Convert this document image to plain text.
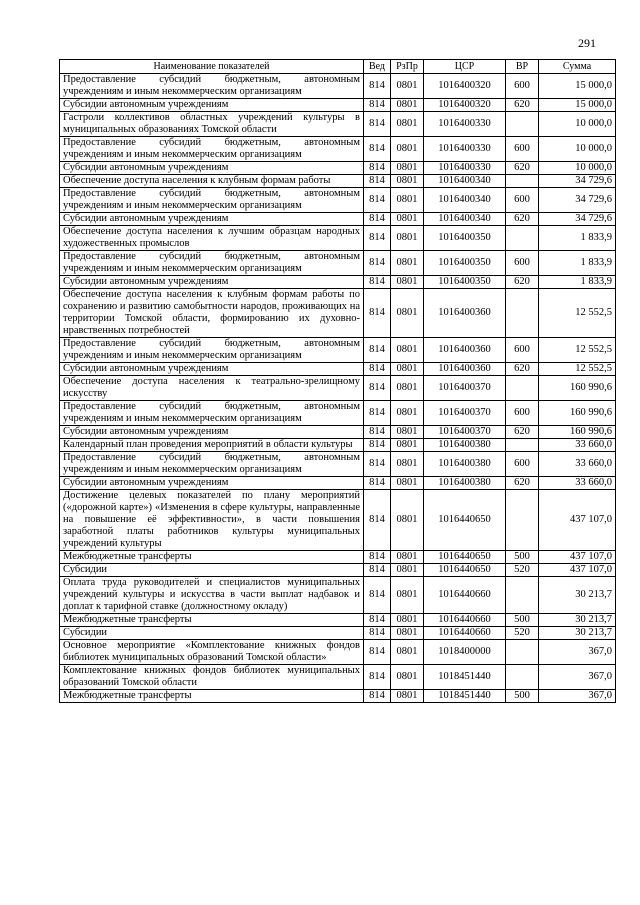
291
Наименование показателей	Вед	РзПр	ЦСР	ВР	Сумма
Предоставление субсидий бюджетным, автономным учреждениям и иным некоммерческим организациям	814	0801	1016400320	600	15 000,0
Субсидии автономным учреждениям	814	0801	1016400320	620	15 000,0
Гастроли коллективов областных учреждений культуры в муниципальных образованиях Томской области	814	0801	1016400330		10 000,0
Предоставление субсидий бюджетным, автономным учреждениям и иным некоммерческим организациям	814	0801	1016400330	600	10 000,0
Субсидии автономным учреждениям	814	0801	1016400330	620	10 000,0
Обеспечение доступа населения к клубным формам работы	814	0801	1016400340		34 729,6
Предоставление субсидий бюджетным, автономным учреждениям и иным некоммерческим организациям	814	0801	1016400340	600	34 729,6
Субсидии автономным учреждениям	814	0801	1016400340	620	34 729,6
Обеспечение доступа населения к лучшим образцам народных художественных промыслов	814	0801	1016400350		1 833,9
Предоставление субсидий бюджетным, автономным учреждениям и иным некоммерческим организациям	814	0801	1016400350	600	1 833,9
Субсидии автономным учреждениям	814	0801	1016400350	620	1 833,9
Обеспечение доступа населения к клубным формам работы по сохранению и развитию самобытности народов, проживающих на территории Томской области, формированию их духовно-нравственных потребностей	814	0801	1016400360		12 552,5
Предоставление субсидий бюджетным, автономным учреждениям и иным некоммерческим организациям	814	0801	1016400360	600	12 552,5
Субсидии автономным учреждениям	814	0801	1016400360	620	12 552,5
Обеспечение доступа населения к театрально-зрелищному искусству	814	0801	1016400370		160 990,6
Предоставление субсидий бюджетным, автономным учреждениям и иным некоммерческим организациям	814	0801	1016400370	600	160 990,6
Субсидии автономным учреждениям	814	0801	1016400370	620	160 990,6
Календарный план проведения мероприятий в области культуры	814	0801	1016400380		33 660,0
Предоставление субсидий бюджетным, автономным учреждениям и иным некоммерческим организациям	814	0801	1016400380	600	33 660,0
Субсидии автономным учреждениям	814	0801	1016400380	620	33 660,0
Достижение целевых показателей по плану мероприятий («дорожной карте») «Изменения в сфере культуры, направленные на повышение её эффективности», в части повышения заработной платы работников культуры муниципальных учреждений культуры	814	0801	1016440650		437 107,0
Межбюджетные трансферты	814	0801	1016440650	500	437 107,0
Субсидии	814	0801	1016440650	520	437 107,0
Оплата труда руководителей и специалистов муниципальных учреждений культуры и искусства в части выплат надбавок и доплат к тарифной ставке (должностному окладу)	814	0801	1016440660		30 213,7
Межбюджетные трансферты	814	0801	1016440660	500	30 213,7
Субсидии	814	0801	1016440660	520	30 213,7
Основное мероприятие «Комплектование книжных фондов библиотек муниципальных образований Томской области»	814	0801	1018400000		367,0
Комплектование книжных фондов библиотек муниципальных образований Томской области	814	0801	1018451440		367,0
Межбюджетные трансферты	814	0801	1018451440	500	367,0
